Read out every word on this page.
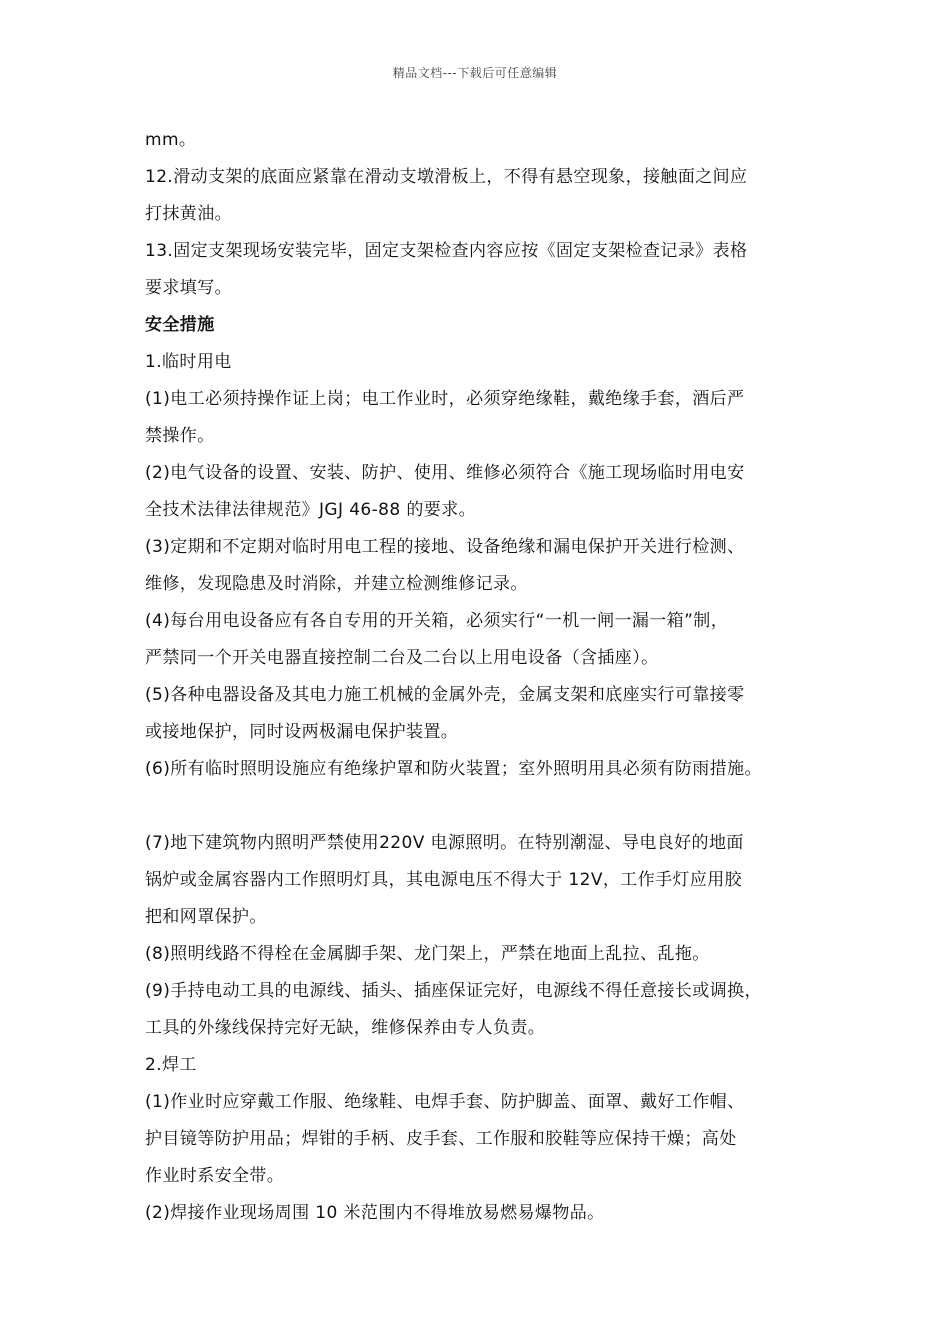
精品文档---下载后可任意编辑
mm。
12.滑动支架的底面应紧靠在滑动支墩滑板上，不得有悬空现象，接触面之间应
打抹黄油。
13.固定支架现场安装完毕，固定支架检查内容应按《固定支架检查记录》表格
要求填写。
安全措施
1.临时用电
(1)电工必须持操作证上岗；电工作业时，必须穿绝缘鞋，戴绝缘手套，酒后严
禁操作。
(2)电气设备的设置、安装、防护、使用、维修必须符合《施工现场临时用电安
全技术法律法律规范》JGJ 46-88 的要求。
(3)定期和不定期对临时用电工程的接地、设备绝缘和漏电保护开关进行检测、
维修，发现隐患及时消除，并建立检测维修记录。
(4)每台用电设备应有各自专用的开关箱，必须实行“一机一闸一漏一箱”制，
严禁同一个开关电器直接控制二台及二台以上用电设备（含插座）。
(5)各种电器设备及其电力施工机械的金属外壳，金属支架和底座实行可靠接零
或接地保护，同时设两极漏电保护装置。
(6)所有临时照明设施应有绝缘护罩和防火装置；室外照明用具必须有防雨措施。
(7)地下建筑物内照明严禁使用220V 电源照明。在特别潮湿、导电良好的地面
锅炉或金属容器内工作照明灯具，其电源电压不得大于 12V，工作手灯应用胶
把和网罩保护。
(8)照明线路不得栓在金属脚手架、龙门架上，严禁在地面上乱拉、乱拖。
(9)手持电动工具的电源线、插头、插座保证完好，电源线不得任意接长或调换，
工具的外缘线保持完好无缺，维修保养由专人负责。
2.焊工
(1)作业时应穿戴工作服、绝缘鞋、电焊手套、防护脚盖、面罩、戴好工作帽、
护目镜等防护用品；焊钳的手柄、皮手套、工作服和胶鞋等应保持干燥；高处
作业时系安全带。
(2)焊接作业现场周围 10 米范围内不得堆放易燃易爆物品。
